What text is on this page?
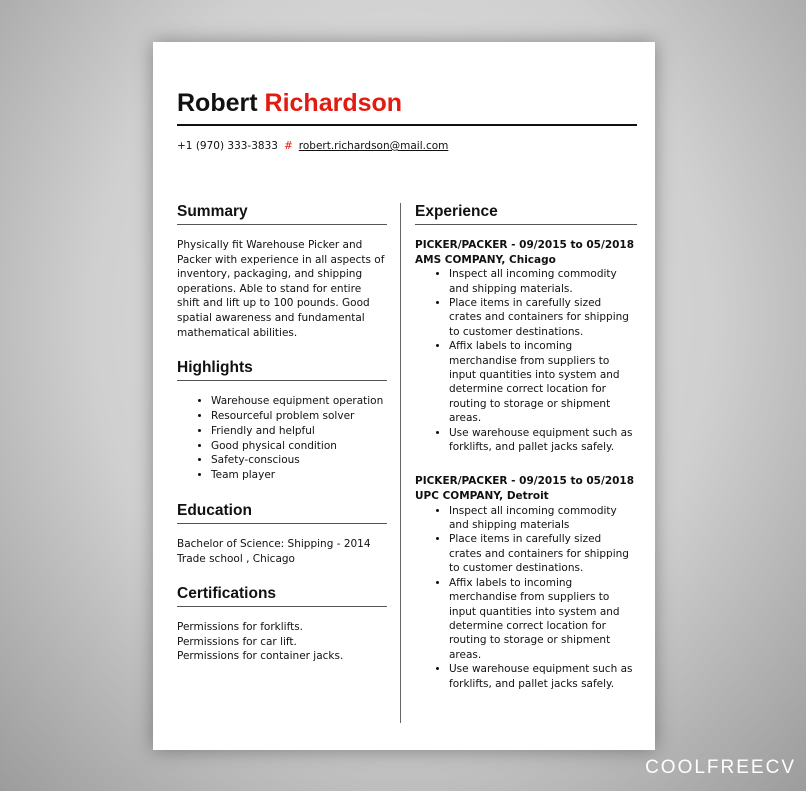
Robert Richardson
+1 (970) 333-3833 # robert.richardson@mail.com
Summary
Physically fit Warehouse Picker and Packer with experience in all aspects of inventory, packaging, and shipping operations. Able to stand for entire shift and lift up to 100 pounds. Good spatial awareness and fundamental mathematical abilities.
Highlights
• Warehouse equipment operation
• Resourceful problem solver
• Friendly and helpful
• Good physical condition
• Safety-conscious
• Team player
Education
Bachelor of Science: Shipping - 2014
Trade school , Chicago
Certifications
Permissions for forklifts.
Permissions for car lift.
Permissions for container jacks.
Experience
PICKER/PACKER - 09/2015 to 05/2018
AMS COMPANY, Chicago
• Inspect all incoming commodity and shipping materials.
• Place items in carefully sized crates and containers for shipping to customer destinations.
• Affix labels to incoming merchandise from suppliers to input quantities into system and determine correct location for routing to storage or shipment areas.
• Use warehouse equipment such as forklifts, and pallet jacks safely.
PICKER/PACKER - 09/2015 to 05/2018
UPC COMPANY, Detroit
• Inspect all incoming commodity and shipping materials
• Place items in carefully sized crates and containers for shipping to customer destinations.
• Affix labels to incoming merchandise from suppliers to input quantities into system and determine correct location for routing to storage or shipment areas.
• Use warehouse equipment such as forklifts, and pallet jacks safely.
COOLFREECV
